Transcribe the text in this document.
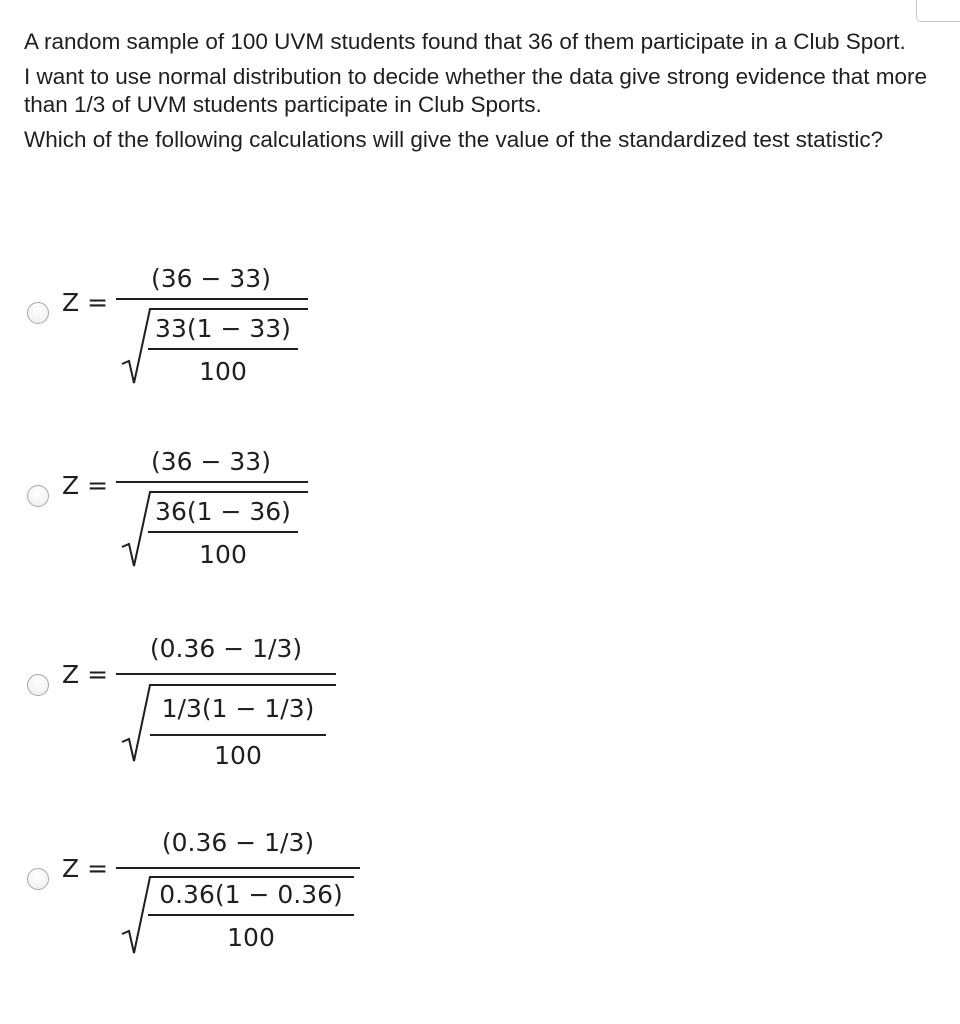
A random sample of 100 UVM students found that 36 of them participate in a Club Sport.

I want to use normal distribution to decide whether the data give strong evidence that more than 1/3 of UVM students participate in Club Sports.

Which of the following calculations will give the value of the standardized test statistic?

Z =
(36 − 33)
33(1 − 33)
100
Z =
(36 − 33)
36(1 − 36)
100
Z =
(0.36 − 1/3)
1/3(1 − 1/3)
100
Z =
(0.36 − 1/3)
0.36(1 − 0.36)
100
